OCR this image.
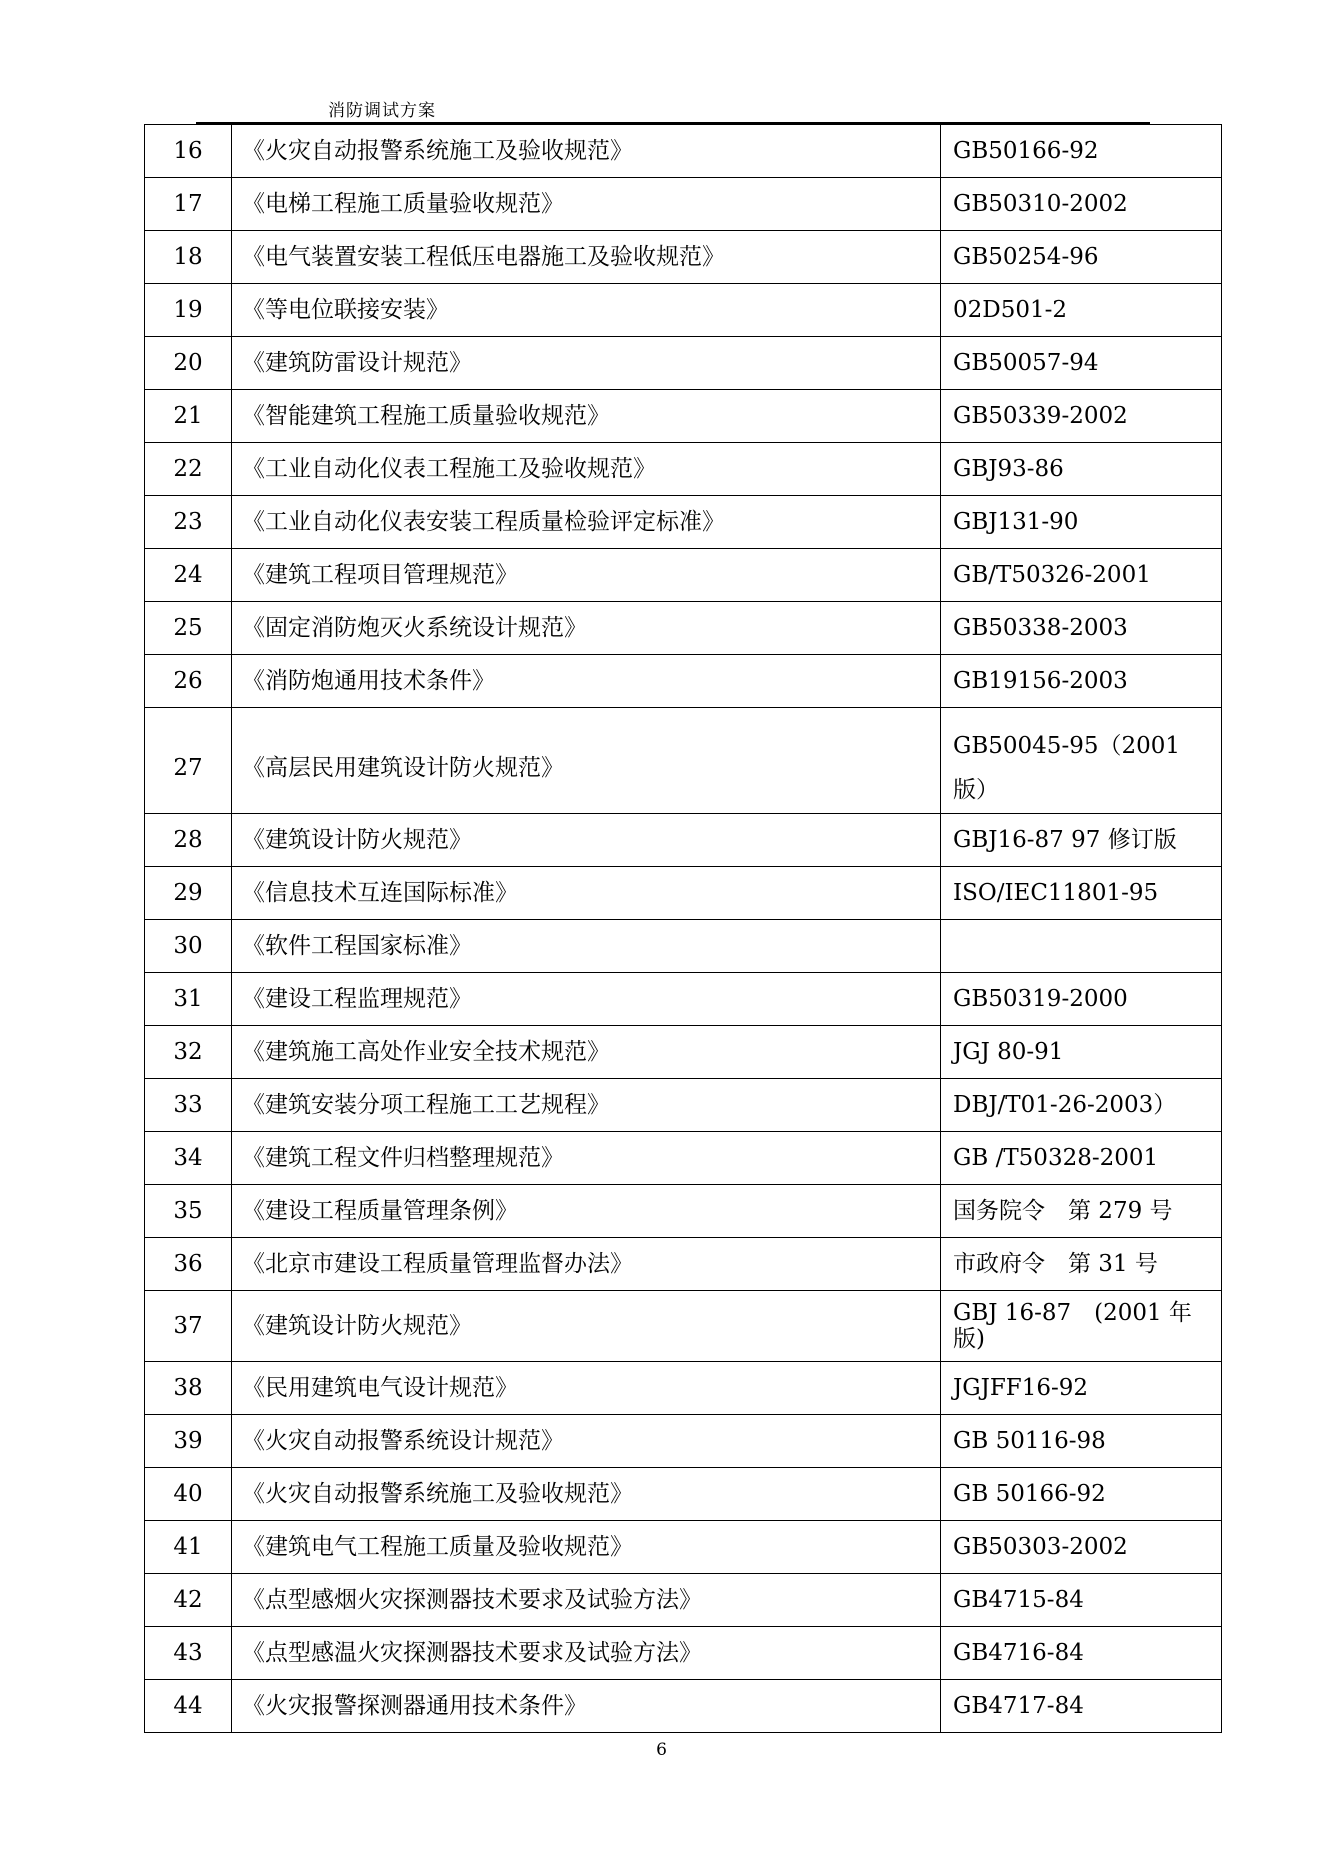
消防调试方案
16	《火灾自动报警系统施工及验收规范》	GB50166-92
17	《电梯工程施工质量验收规范》	GB50310-2002
18	《电气装置安装工程低压电器施工及验收规范》	GB50254-96
19	《等电位联接安装》	02D501-2
20	《建筑防雷设计规范》	GB50057-94
21	《智能建筑工程施工质量验收规范》	GB50339-2002
22	《工业自动化仪表工程施工及验收规范》	GBJ93-86
23	《工业自动化仪表安装工程质量检验评定标准》	GBJ131-90
24	《建筑工程项目管理规范》	GB/T50326-2001
25	《固定消防炮灭火系统设计规范》	GB50338-2003
26	《消防炮通用技术条件》	GB19156-2003
27	《高层民用建筑设计防火规范》	GB50045-95（2001 版）
28	《建筑设计防火规范》	GBJ16-87 97 修订版
29	《信息技术互连国际标准》	ISO/IEC11801-95
30	《软件工程国家标准》	
31	《建设工程监理规范》	GB50319-2000
32	《建筑施工高处作业安全技术规范》	JGJ 80-91
33	《建筑安装分项工程施工工艺规程》	DBJ/T01-26-2003）
34	《建筑工程文件归档整理规范》	GB /T50328-2001
35	《建设工程质量管理条例》	国务院令　第 279 号
36	《北京市建设工程质量管理监督办法》	市政府令　第 31 号
37	《建筑设计防火规范》	GBJ 16-87　(2001 年版)
38	《民用建筑电气设计规范》	JGJFF16-92
39	《火灾自动报警系统设计规范》	GB 50116-98
40	《火灾自动报警系统施工及验收规范》	GB 50166-92
41	《建筑电气工程施工质量及验收规范》	GB50303-2002
42	《点型感烟火灾探测器技术要求及试验方法》	GB4715-84
43	《点型感温火灾探测器技术要求及试验方法》	GB4716-84
44	《火灾报警探测器通用技术条件》	GB4717-84
6
